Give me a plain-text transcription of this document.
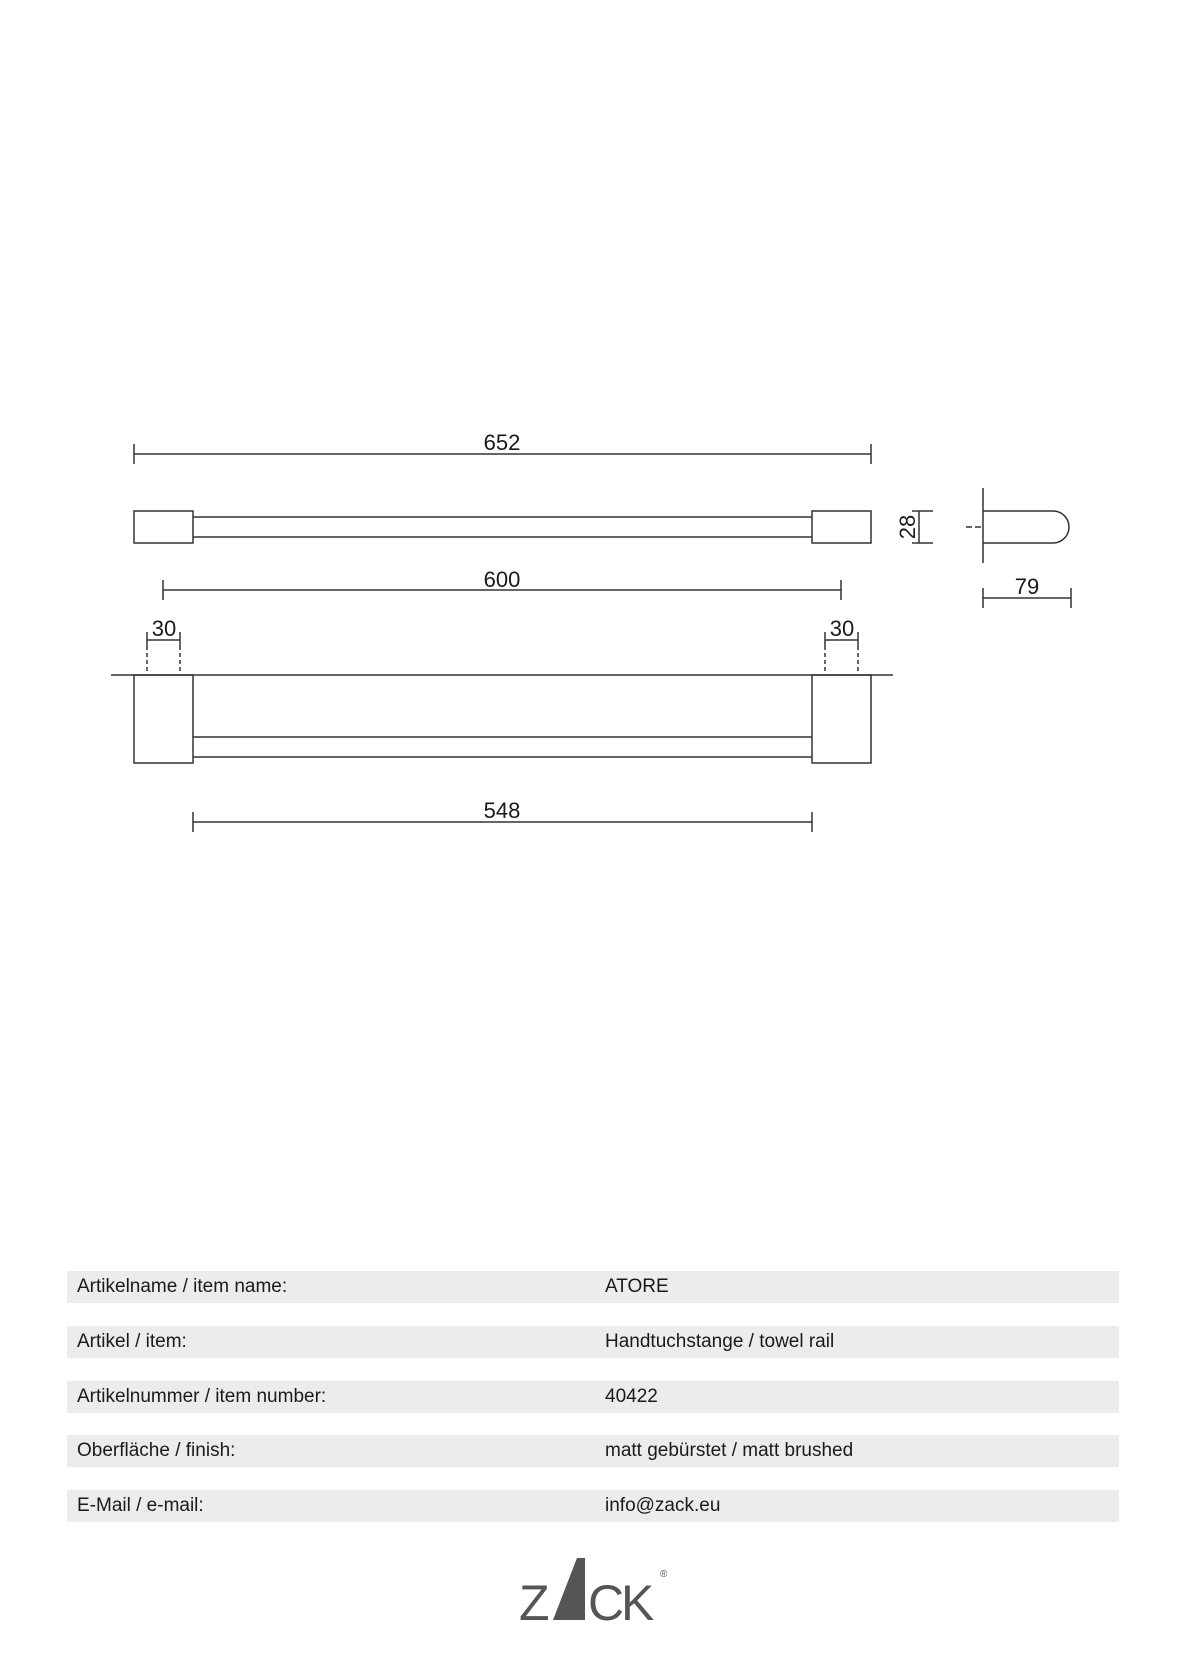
652
600
548
30	30
79
28
Artikelname / item name:	ATORE
Artikel / item:	Handtuchstange / towel rail
Artikelnummer / item number:	40422
Oberfläche / finish:	matt gebürstet / matt brushed
E-Mail / e-mail:	info@zack.eu
Z C
K
®
